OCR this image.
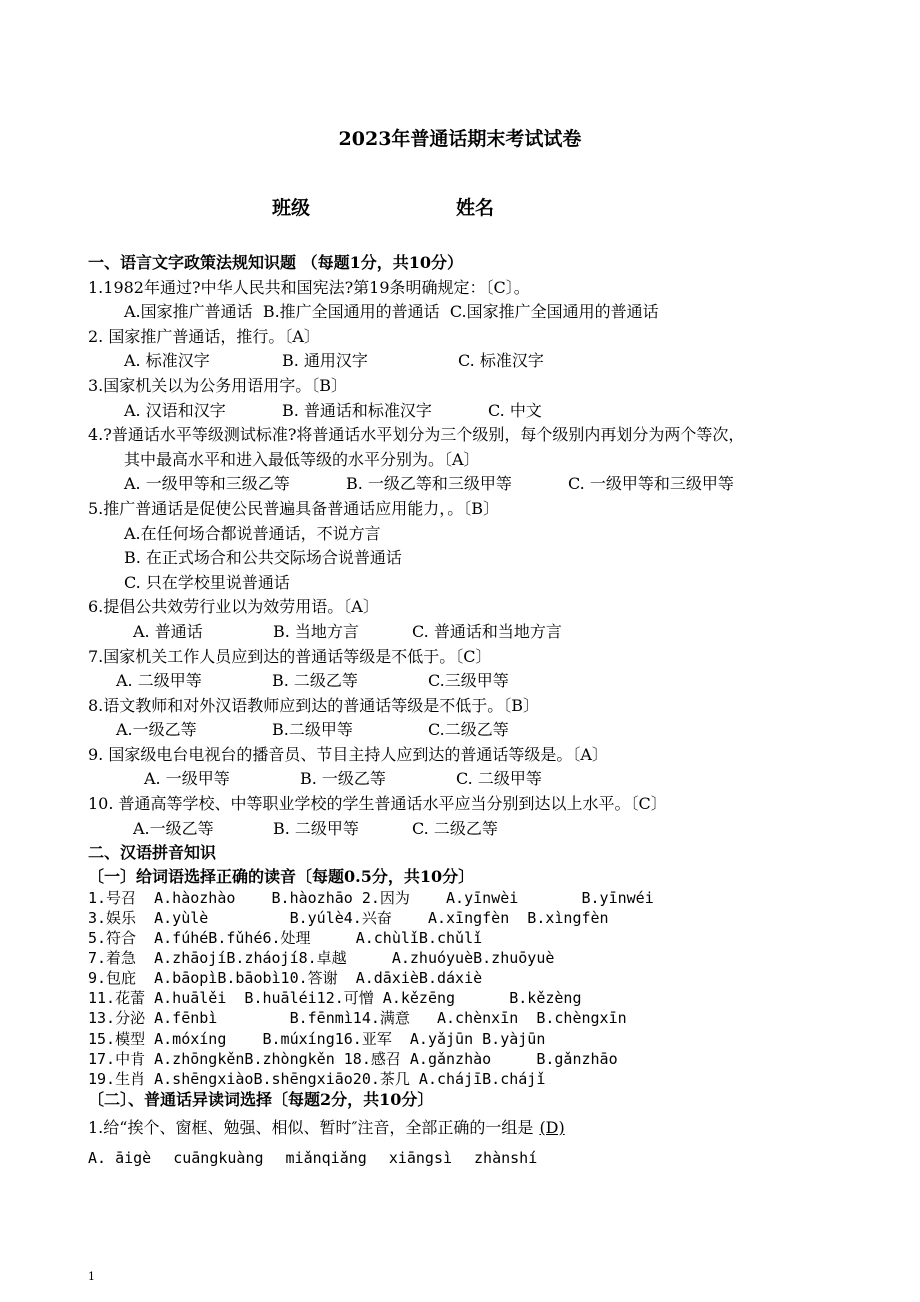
2023年普通话期末考试试卷
班级	姓名
一、语言文字政策法规知识题 （每题1分，共10分）
1.1982年通过?中华人民共和国宪法?第19条明确规定：〔C〕。
A.国家推广普通话 B.推广全国通用的普通话 C.国家推广全国通用的普通话
2. 国家推广普通话，推行。〔A〕
A. 标准汉字	B. 通用汉字	C. 标准汉字
3.国家机关以为公务用语用字。〔B〕
A. 汉语和汉字	B. 普通话和标准汉字	C. 中文
4.?普通话水平等级测试标准?将普通话水平划分为三个级别，每个级别内再划分为两个等次，
其中最高水平和进入最低等级的水平分别为。〔A〕
A. 一级甲等和三级乙等	B. 一级乙等和三级甲等	C. 一级甲等和三级甲等
5.推广普通话是促使公民普遍具备普通话应用能力，。〔B〕
A.在任何场合都说普通话，不说方言
B. 在正式场合和公共交际场合说普通话
C. 只在学校里说普通话
6.提倡公共效劳行业以为效劳用语。〔A〕
A. 普通话	B. 当地方言	C. 普通话和当地方言
7.国家机关工作人员应到达的普通话等级是不低于。〔C〕
A. 二级甲等	B. 二级乙等	C.三级甲等
8.语文教师和对外汉语教师应到达的普通话等级是不低于。〔B〕
A.一级乙等	B.二级甲等	C.二级乙等
9. 国家级电台电视台的播音员、节目主持人应到达的普通话等级是。〔A〕
A. 一级甲等	B. 一级乙等	C. 二级甲等
10. 普通高等学校、中等职业学校的学生普通话水平应当分别到达以上水平。〔C〕
A.一级乙等	B. 二级甲等	C. 二级乙等
二、汉语拼音知识
〔一〕给词语选择正确的读音〔每题0.5分，共10分〕
1.号召  A.hàozhào    B.hàozhāo 2.因为    A.yīnwèi       B.yīnwéi
3.娱乐  A.yùlè         B.yúlè4.兴奋    A.xīngfèn  B.xìngfèn
5.符合  A.fúhéB.fǔhé6.处理     A.chùlǐB.chǔlǐ
7.着急  A.zhāojíB.zháojí8.卓越     A.zhuóyuèB.zhuōyuè
9.包庇  A.bāopìB.bāobì10.答谢  A.dāxièB.dáxiè
11.花蕾 A.huālěi  B.huāléi12.可憎 A.kězēng      B.kězèng
13.分泌 A.fēnbì        B.fēnmì14.满意   A.chènxīn  B.chèngxīn
15.模型 A.móxíng    B.múxíng16.亚军  A.yǎjūn B.yàjūn
17.中肯 A.zhōngkěnB.zhòngkěn 18.感召 A.gǎnzhào     B.gǎnzhāo
19.生肖 A.shēngxiàoB.shēngxiāo20.茶几 A.chájīB.chájǐ
〔二〕、普通话异读词选择〔每题2分，共10分〕
1.给“挨个、窗框、勉强、相似、暂时″注音，全部正确的一组是 (D)
A. āigè cuāngkuàng miǎnqiǎng xiāngsì zhànshí
1
